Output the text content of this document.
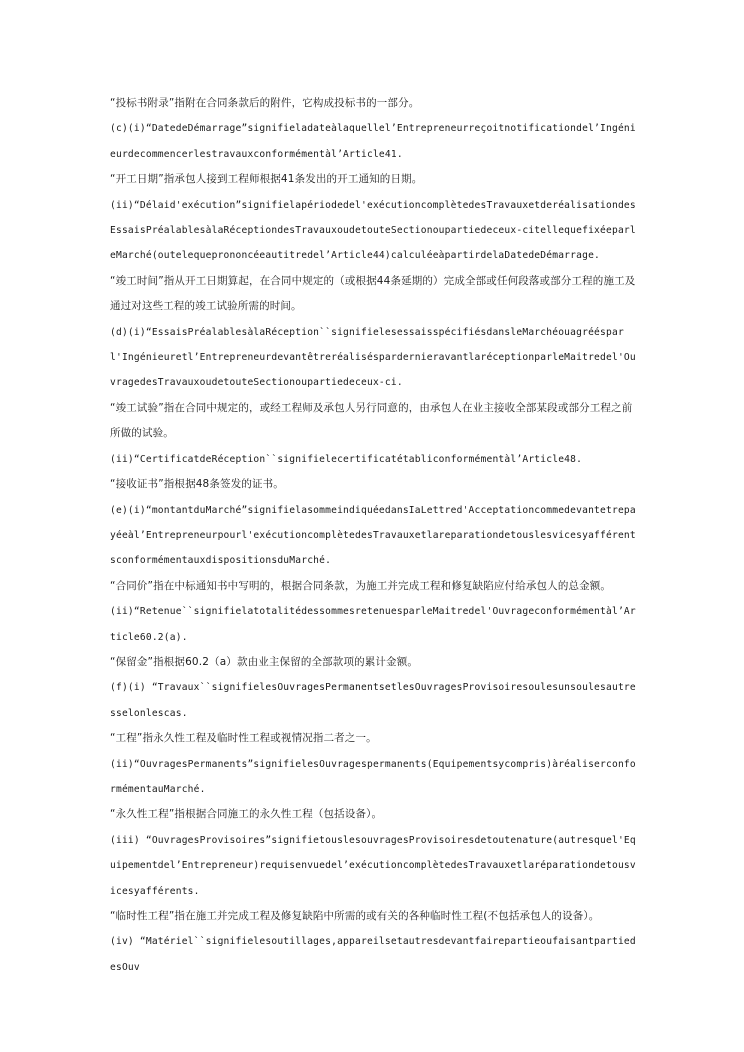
“投标书附录”指附在合同条款后的附件，它构成投标书的一部分。

(c)(i)“DatedeDémarrage”signifieladateàlaquellel’Entrepreneurreçoitnotificationdel’Ingénieurdecommencerlestravauxconformémentàl’Article41.

“开工日期”指承包人接到工程师根据41条发出的开工通知的日期。

(ii)“Délaid'exécution”signifielapériodedel'exécutioncomplètedesTravauxetderéalisationdesEssaisPréalablesàlaRéceptiondesTravauxoudetouteSectionoupartiedeceux-citellequefixéeparleMarché(outelequeprononcéeautitredel’Article44)calculéeàpartirdelaDatedeDémarrage.

“竣工时间”指从开工日期算起，在合同中规定的（或根据44条延期的）完成全部或任何段落或部分工程的施工及通过对这些工程的竣工试验所需的时间。

(d)(i)“EssaisPréalablesàlaRéception``signifielesessaisspécifiésdansleMarchéouagréésparl'Ingénieuretl’EntrepreneurdevantêtreréaliséspardernieravantlaréceptionparleMaitredel'OuvragedesTravauxoudetouteSectionoupartiedeceux-ci.

“竣工试验”指在合同中规定的，或经工程师及承包人另行同意的，由承包人在业主接收全部某段或部分工程之前所做的试验。

(ii)“CertificatdeRéception``signifielecertificatétabliconformémentàl’Article48.

“接收证书”指根据48条签发的证书。

(e)(i)“montantduMarché”signifielasommeindiquéedansIaLettred'Acceptationcommedevantetrepayéeàl’Entrepreneurpourl'exécutioncomplètedesTravauxetlareparationdetouslesvicesyafférentsconformémentauxdispositionsduMarché.

“合同价”指在中标通知书中写明的，根据合同条款，为施工并完成工程和修复缺陷应付给承包人的总金额。

(ii)“Retenue``signifielatotalitédessommesretenuesparleMaitredel'Ouvrageconformémentàl’Article60.2(a).

“保留金”指根据60.2（a）款由业主保留的全部款项的累计金额。

(f)(i) “Travaux``signifielesOuvragesPermanentsetlesOuvragesProvisoiresoulesunsoulesautresselonlescas.

“工程”指永久性工程及临时性工程或视情况指二者之一。

(ii)“OuvragesPermanents”signifielesOuvragespermanents(Equipementsycompris)àréaliserconformémentauMarché.

“永久性工程”指根据合同施工的永久性工程（包括设备）。

(iii) “OuvragesProvisoires”signifietouslesouvragesProvisoiresdetoutenature(autresquel'Equipementdel’Entrepreneur)requisenvuedel’exécutioncomplètedesTravauxetlaréparationdetousvicesyafférents.

“临时性工程”指在施工并完成工程及修复缺陷中所需的或有关的各种临时性工程(不包括承包人的设备）。

(iv) “Matériel``signifielesoutillages,appareilsetautresdevantfairepartieoufaisantpartiedesOuv
